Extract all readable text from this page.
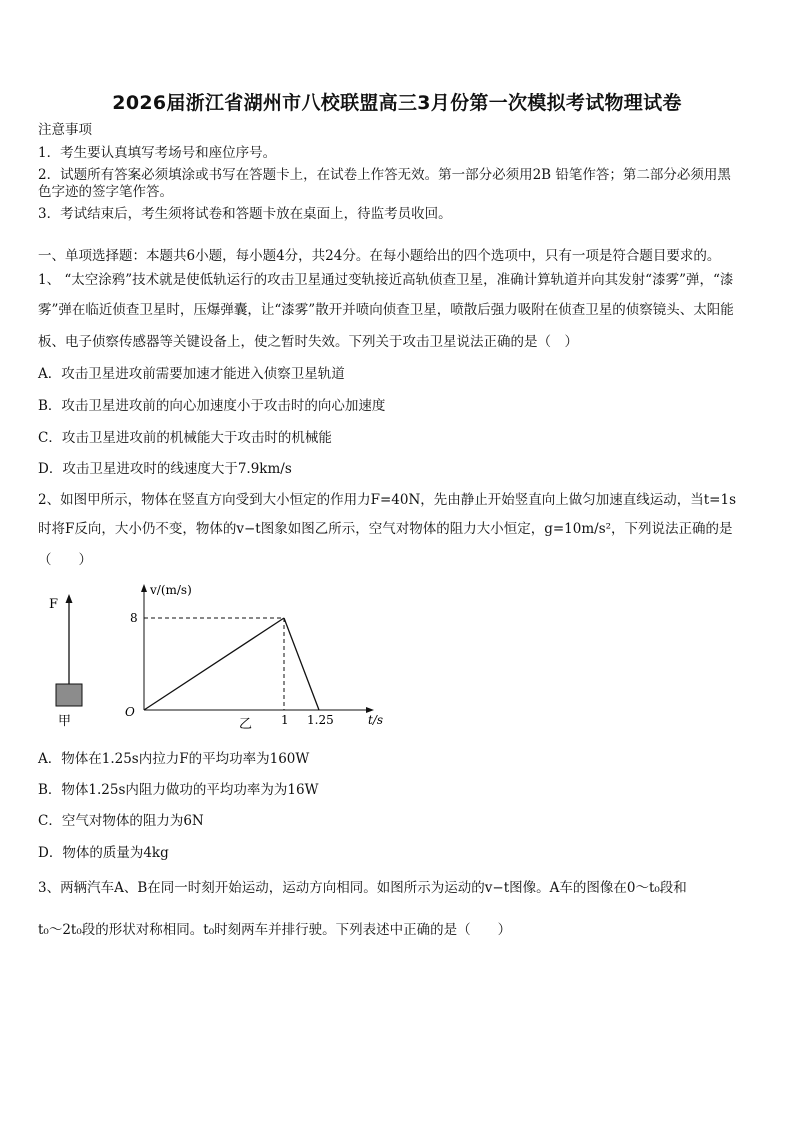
2026届浙江省湖州市八校联盟高三3月份第一次模拟考试物理试卷
注意事项
1．考生要认真填写考场号和座位序号。
2．试题所有答案必须填涂或书写在答题卡上，在试卷上作答无效。第一部分必须用2B 铅笔作答；第二部分必须用黑
色字迹的签字笔作答。
3．考试结束后，考生须将试卷和答题卡放在桌面上，待监考员收回。
一、单项选择题：本题共6小题，每小题4分，共24分。在每小题给出的四个选项中，只有一项是符合题目要求的。
1、 “太空涂鸦”技术就是使低轨运行的攻击卫星通过变轨接近高轨侦查卫星，准确计算轨道并向其发射“漆雾”弹，“漆
雾”弹在临近侦查卫星时，压爆弹囊，让“漆雾”散开并喷向侦查卫星，喷散后强力吸附在侦查卫星的侦察镜头、太阳能
板、电子侦察传感器等关键设备上，使之暂时失效。下列关于攻击卫星说法正确的是（　）
A．攻击卫星进攻前需要加速才能进入侦察卫星轨道
B．攻击卫星进攻前的向心加速度小于攻击时的向心加速度
C．攻击卫星进攻前的机械能大于攻击时的机械能
D．攻击卫星进攻时的线速度大于7.9km/s
2、如图甲所示，物体在竖直方向受到大小恒定的作用力F=40N，先由静止开始竖直向上做匀加速直线运动，当t=1s
时将F反向，大小仍不变，物体的v−t图象如图乙所示，空气对物体的阻力大小恒定，g=10m/s²，下列说法正确的是
（　　）
F
甲
v/(m/s)
t/s
O
乙
8
1 1.25
A．物体在1.25s内拉力F的平均功率为160W
B．物体1.25s内阻力做功的平均功率为为16W
C．空气对物体的阻力为6N
D．物体的质量为4kg
3、两辆汽车A、B在同一时刻开始运动，运动方向相同。如图所示为运动的v−t图像。A车的图像在0～t₀段和
t₀～2t₀段的形状对称相同。t₀时刻两车并排行驶。下列表述中正确的是（　　）
